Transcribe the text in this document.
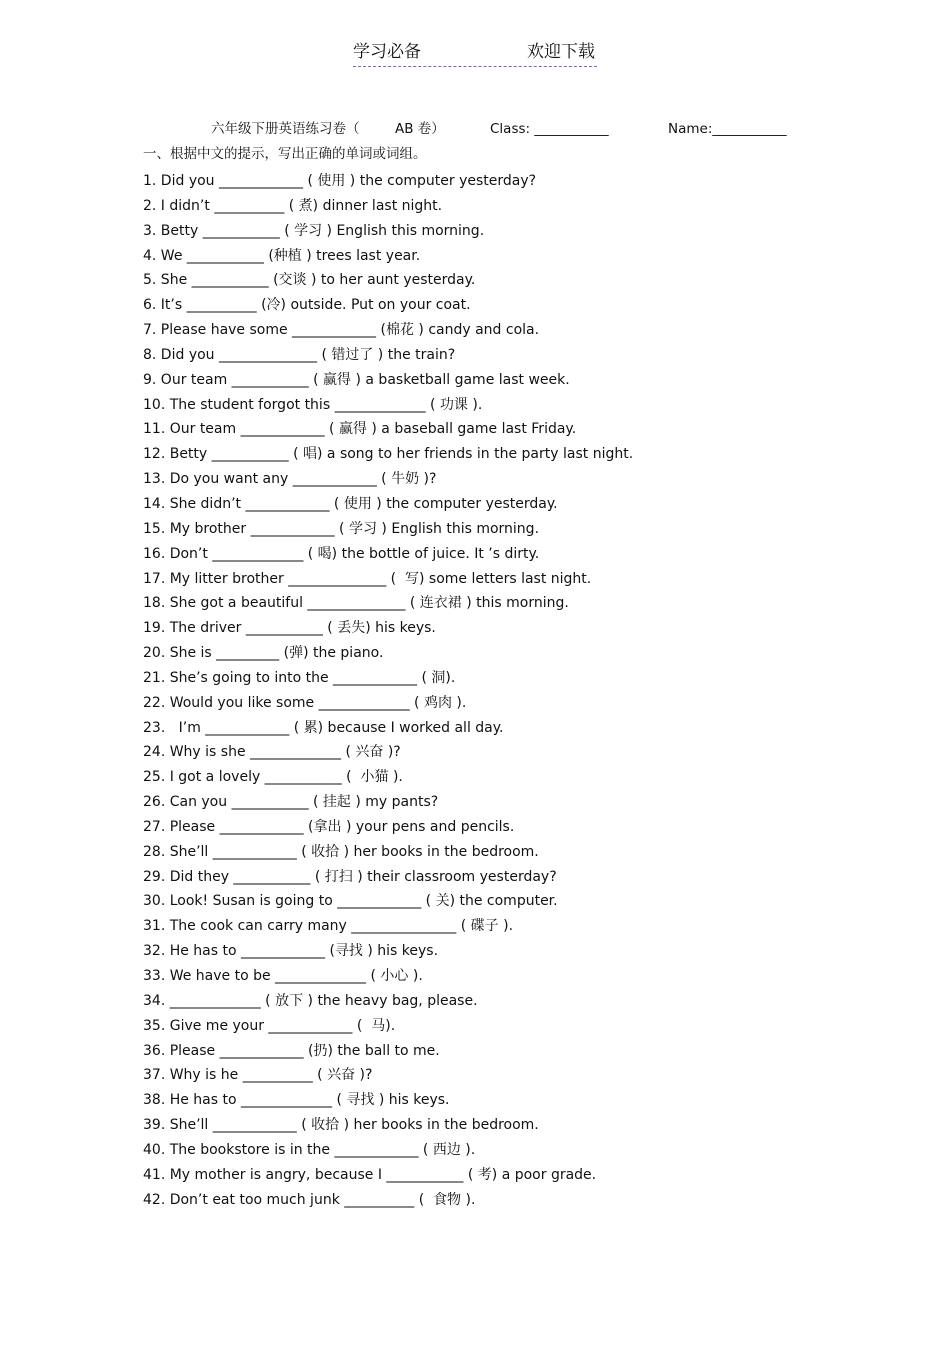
学习必备	欢迎下载
六年级下册英语练习卷（	AB 卷）	Class: ___________	Name:___________
一、根据中文的提示，写出正确的单词或词组。
1. Did you ____________ ( 使用 ) the computer yesterday?
2. I didn’t __________ ( 煮) dinner last night.
3. Betty ___________ ( 学习 ) English this morning.
4. We ___________ (种植 ) trees last year.
5. She ___________ (交谈 ) to her aunt yesterday.
6. It’s __________ (冷) outside. Put on your coat.
7. Please have some ____________ (棉花 ) candy and cola.
8. Did you ______________ ( 错过了 ) the train?
9. Our team ___________ ( 赢得 ) a basketball game last week.
10. The student forgot this _____________ ( 功课 ).
11. Our team ____________ ( 赢得 ) a baseball game last Friday.
12. Betty ___________ ( 唱) a song to her friends in the party last night.
13. Do you want any ____________ ( 牛奶 )?
14. She didn’t ____________ ( 使用 ) the computer yesterday.
15. My brother ____________ ( 学习 ) English this morning.
16. Don’t _____________ ( 喝) the bottle of juice. It ’s dirty.
17. My litter brother ______________ (  写) some letters last night.
18. She got a beautiful ______________ ( 连衣裙 ) this morning.
19. The driver ___________ ( 丢失) his keys.
20. She is _________ (弹) the piano.
21. She’s going to into the ____________ ( 洞).
22. Would you like some _____________ ( 鸡肉 ).
23.   I’m ____________ ( 累) because I worked all day.
24. Why is she _____________ ( 兴奋 )?
25. I got a lovely ___________ (  小猫 ).
26. Can you ___________ ( 挂起 ) my pants?
27. Please ____________ (拿出 ) your pens and pencils.
28. She’ll ____________ ( 收拾 ) her books in the bedroom.
29. Did they ___________ ( 打扫 ) their classroom yesterday?
30. Look! Susan is going to ____________ ( 关) the computer.
31. The cook can carry many _______________ ( 碟子 ).
32. He has to ____________ (寻找 ) his keys.
33. We have to be _____________ ( 小心 ).
34. _____________ ( 放下 ) the heavy bag, please.
35. Give me your ____________ (  马).
36. Please ____________ (扔) the ball to me.
37. Why is he __________ ( 兴奋 )?
38. He has to _____________ ( 寻找 ) his keys.
39. She’ll ____________ ( 收拾 ) her books in the bedroom.
40. The bookstore is in the ____________ ( 西边 ).
41. My mother is angry, because I ___________ ( 考) a poor grade.
42. Don’t eat too much junk __________ (  食物 ).
